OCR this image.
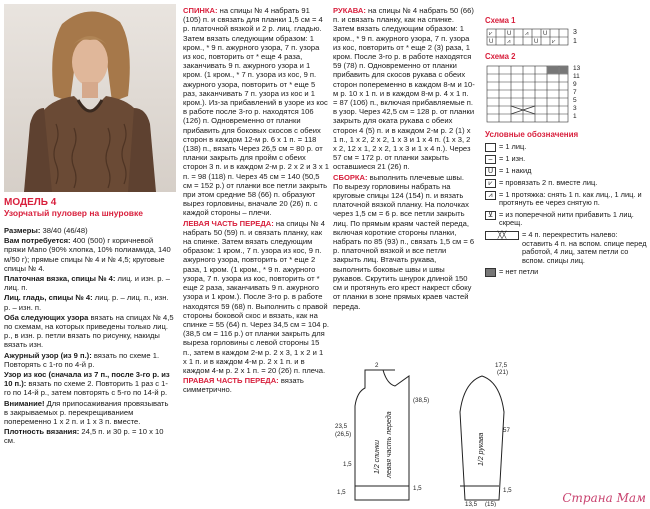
МОДЕЛЬ 4
Узорчатый пуловер на шнуровке

Размеры: 38/40 (46/48)

Вам потребуется: 400 (500) г коричневой пряжи Mano (90% хлопка, 10% полиамида, 140 м/50 г); прямые спицы № 4 и № 4,5; круговые спицы № 4.

Платочная вязка, спицы № 4: лиц. и изн. р. – лиц. п.

Лиц. гладь, спицы № 4: лиц. р. – лиц. п., изн. р. – изн. п.

Оба следующих узора вязать на спицах № 4,5 по схемам, на которых приведены только лиц. р., в изн. р. петли вязать по рисунку, накиды вязать изн.

Ажурный узор (из 9 п.): вязать по схеме 1. Повторять с 1-го по 4-й р.

Узор из кос (сначала из 7 п., после 3-го р. из 10 п.): вязать по схеме 2. Повторить 1 раз с 1-го по 14-й р., затем повторять с 5-го по 14-й р.

Внимание! Для припосаживания провязывать в закрываемых р. перекрещиванием попеременно 1 х 2 п. и 1 х 3 п. вместе.

Плотность вязания: 24,5 п. и 30 р. = 10 х 10 см.

СПИНКА: на спицы № 4 набрать 91 (105) п. и связать для планки 1,5 см = 4 р. платочной вязкой и 2 р. лиц. гладью. Затем вязать следующим образом: 1 кром., * 9 п. ажурного узора, 7 п. узора из кос, повторить от * еще 4 раза, заканчивать 9 п. ажурного узора и 1 кром. (1 кром., * 7 п. узора из кос, 9 п. ажурного узора, повторить от * еще 5 раз, заканчивать 7 п. узора из кос и 1 кром.). Из-за прибавлений в узоре из кос в работе после 3-го р. находятся 106 (126) п. Одновременно от планки прибавить для боковых скосов с обеих сторон в каждом 12-м р. 6 х 1 п. = 118 (138) п., вязать Через 26,5 см = 80 р. от планки закрыть для пройм с обеих сторон 3 п. и в каждом 2-м р. 2 х 2 и 3 х 1 п. = 98 (118) п. Через 45 см = 140 (50,5 см = 152 р.) от планки все петли закрыть при этом средние 58 (66) п. образуют вырез горловины, вначале 20 (26) п. с каждой стороны – плечи.

ЛЕВАЯ ЧАСТЬ ПЕРЕДА: на спицы № 4 набрать 50 (59) п. и связать планку, как на спинке. Затем вязать следующим образом: 1 кром., 7 п. узора из кос, 9 п. ажурного узора, повторить от * еще 2 раза, 1 кром. (1 кром., * 9 п. ажурного узора, 7 п. узора из кос, повторить от * еще 2 раза, заканчивать 9 п. ажурного узора и 1 кром.). После 3-го р. в работе находятся 59 (68) п. Выполнить с правой стороны боковой скос и вязать, как на спинке = 55 (64) п. Через 34,5 см = 104 р. (38,5 см = 116 р.) от планки закрыть для выреза горловины с левой стороны 15 п., затем в каждом 2-м р. 2 х 3, 1 х 2 и 1 х 1 п. и в каждом 4-м р. 2 х 1 п. и в каждом 4-м р. 2 х 1 п. = 20 (26) п. плеча.

ПРАВАЯ ЧАСТЬ ПЕРЕДА: вязать симметрично.

РУКАВА: на спицы № 4 набрать 50 (66) п. и связать планку, как на спинке. Затем вязать следующим образом: 1 кром., * 9 п. ажурного узора, 7 п. узора из кос, повторить от * еще 2 (3) раза, 1 кром. После 3-го р. в работе находятся 59 (78) п. Одновременно от планки прибавить для скосов рукава с обеих сторон попеременно в каждом 8-м и 10-м р. 10 х 1 п. и в каждом 8-м р. 4 х 1 п. = 87 (106) п., включая прибавляемые п. в узор. Через 42,5 см = 128 р. от планки закрыть для оката рукава с обеих сторон 4 (5) п. и в каждом 2-м р. 2 (1) х 1 п., 1 х 2, 2 х 2, 1 х 3 и 1 х 4 п. (1 х 3, 2 х 2, 12 х 1, 2 х 2, 1 х 3 и 1 х 4 п.). Через 57 см = 172 р. от планки закрыть оставшиеся 21 (26) п.

СБОРКА: выполнить плечевые швы. По вырезу горловины набрать на круговые спицы 124 (154) п. и вязать платочной вязкой планку. На полочках через 1,5 см = 6 р. все петли закрыть лиц. По прямым краям частей переда, включая короткие стороны планки, набрать по 85 (93) п., связать 1,5 см = 6 р. платочной вязкой и все петли закрыть лиц. Втачать рукава, выполнить боковые швы и швы рукавов. Скрутить шнурок длиной 150 см и протянуть его крест накрест сбоку от планки в зоне прямых краев частей переда.

Схема 1
⩗ U ⩘ U
U ⩘	U ⩗
3
1
Схема 2
13
11
9
7
5
3
1
Условные обозначения
= 1 лиц.
– = 1 изн.
U = 1 накид
⩗ = провязать 2 п. вместе лиц.
⩘ = 1 протяжка: снять 1 п. как лиц., 1 лиц. и протянуть ее через снятую п.
⊻ = из поперечной нити прибавить 1 лиц. скрещ.
╳╳	= 4 п. перекрестить налево: оставить 4 п. на вспом. спице перед работой, 4 лиц, затем петли со вспом. спицы лиц.
= нет петли
23,5
(26,5)
1,5
1,5
2
(38,5)
1,5
17,5
(21)
57
1,5
13,5 (15)
1/2 спинки левая часть переда	1/2 рукава
Страна Мам
